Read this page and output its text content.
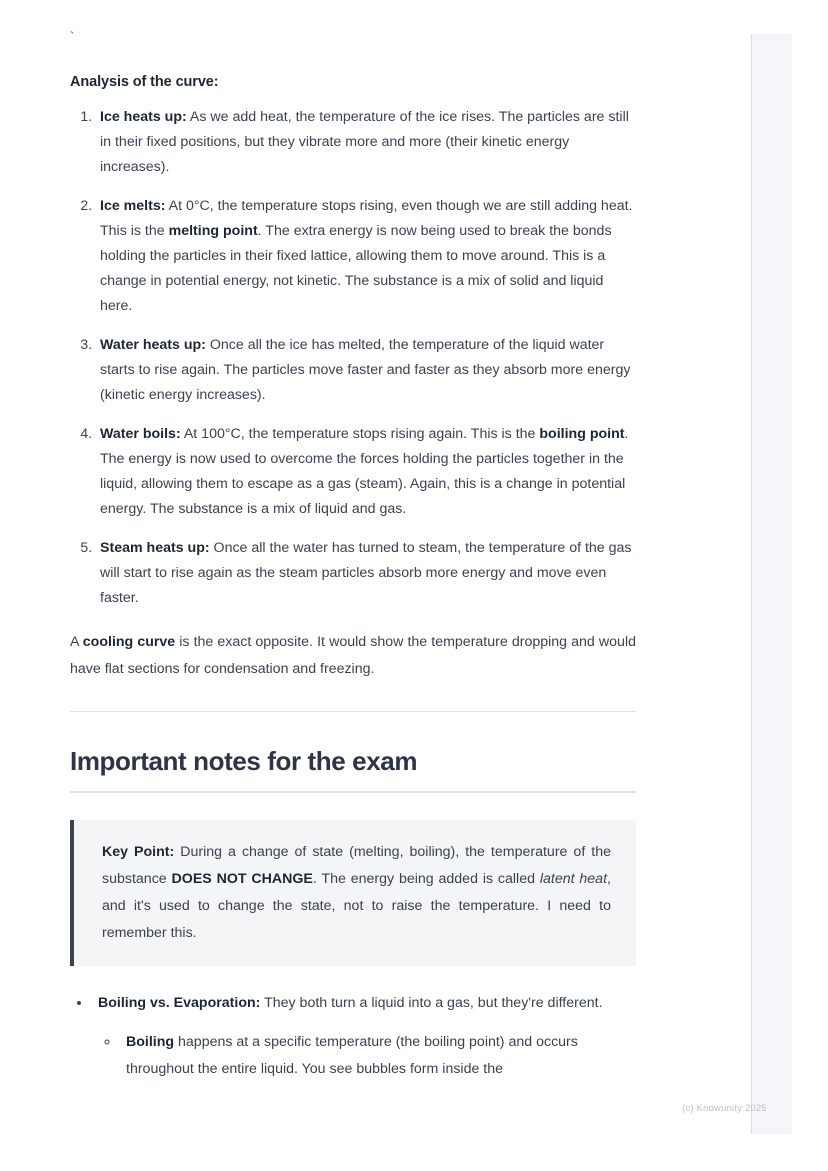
`
Analysis of the curve:
1. Ice heats up: As we add heat, the temperature of the ice rises. The particles are still in their fixed positions, but they vibrate more and more (their kinetic energy increases).
2. Ice melts: At 0°C, the temperature stops rising, even though we are still adding heat. This is the melting point. The extra energy is now being used to break the bonds holding the particles in their fixed lattice, allowing them to move around. This is a change in potential energy, not kinetic. The substance is a mix of solid and liquid here.
3. Water heats up: Once all the ice has melted, the temperature of the liquid water starts to rise again. The particles move faster and faster as they absorb more energy (kinetic energy increases).
4. Water boils: At 100°C, the temperature stops rising again. This is the boiling point. The energy is now used to overcome the forces holding the particles together in the liquid, allowing them to escape as a gas (steam). Again, this is a change in potential energy. The substance is a mix of liquid and gas.
5. Steam heats up: Once all the water has turned to steam, the temperature of the gas will start to rise again as the steam particles absorb more energy and move even faster.

A cooling curve is the exact opposite. It would show the temperature dropping and would have flat sections for condensation and freezing.

Important notes for the exam

Key Point: During a change of state (melting, boiling), the temperature of the substance DOES NOT CHANGE. The energy being added is called latent heat, and it's used to change the state, not to raise the temperature. I need to remember this.

• Boiling vs. Evaporation: They both turn a liquid into a gas, but they're different.
◦ Boiling happens at a specific temperature (the boiling point) and occurs throughout the entire liquid. You see bubbles form inside the
(c) Knowunity 2025
